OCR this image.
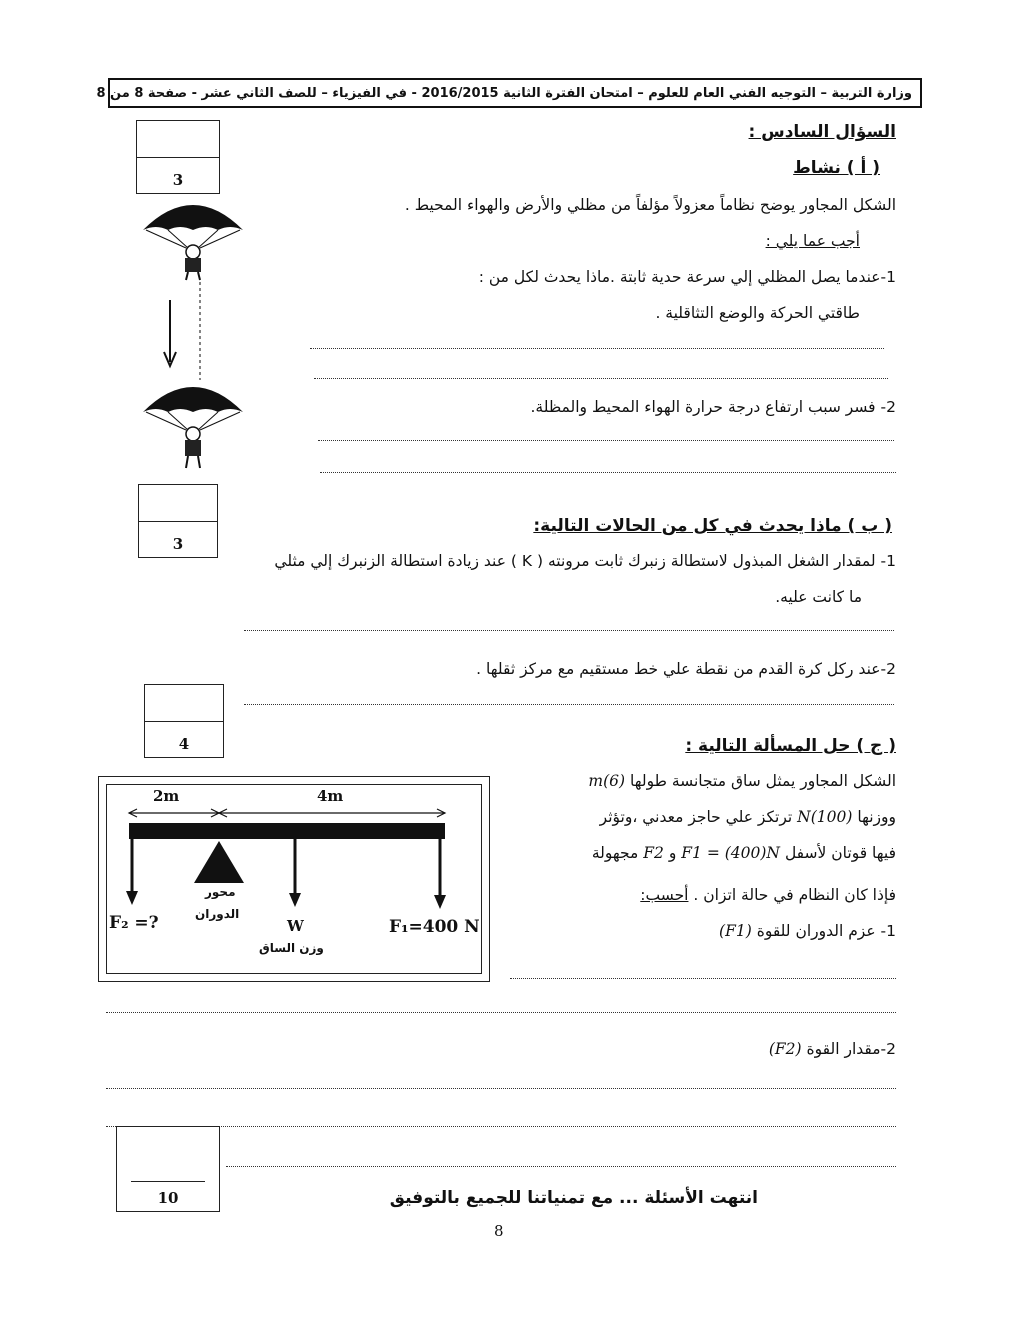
وزارة التربية – التوجيه الفني العام للعلوم – امتحان الفترة الثانية 2016/2015 - في الفيزياء – للصف الثاني عشر - صفحة 8 من 8
السؤال السادس :
3
( أ ) نشاط
الشكل المجاور يوضح نظاماً معزولاً مؤلفاً من مظلي والأرض والهواء المحيط .
أجب عما يلي :
1-عندما يصل المظلي إلي سرعة حدية ثابتة .ماذا يحدث لكل من :
طاقتي الحركة والوضع التثاقلية .
2- فسر سبب ارتفاع درجة حرارة الهواء المحيط والمظلة.
3
( ب ) ماذا يحدث في كل من الحالات التالية:
1- لمقدار الشغل المبذول لاستطالة زنبرك ثابت مرونته ( K ) عند زيادة استطالة الزنبرك إلي مثلي
ما كانت عليه.
2-عند ركل كرة القدم من نقطة علي خط مستقيم مع مركز ثقلها .
4	( ج ) حل المسألة التالية :
الشكل المجاور يمثل ساق متجانسة طولها (6)m
ووزنها (100)N ترتكز علي حاجز معدني ،وتؤثر
فيها قوتان لأسفل F1 = (400)N و F2 مجهولة
فإذا كان النظام في حالة اتزان . أحسب:
1- عزم الدوران للقوة (F1)
2-مقدار القوة (F2)
2m	4m
F₂ =?
محور
الدوران
W
وزن الساق
F₁=400 N
10	انتهت الأسئلة ... مع تمنياتنا للجميع بالتوفيق
8
